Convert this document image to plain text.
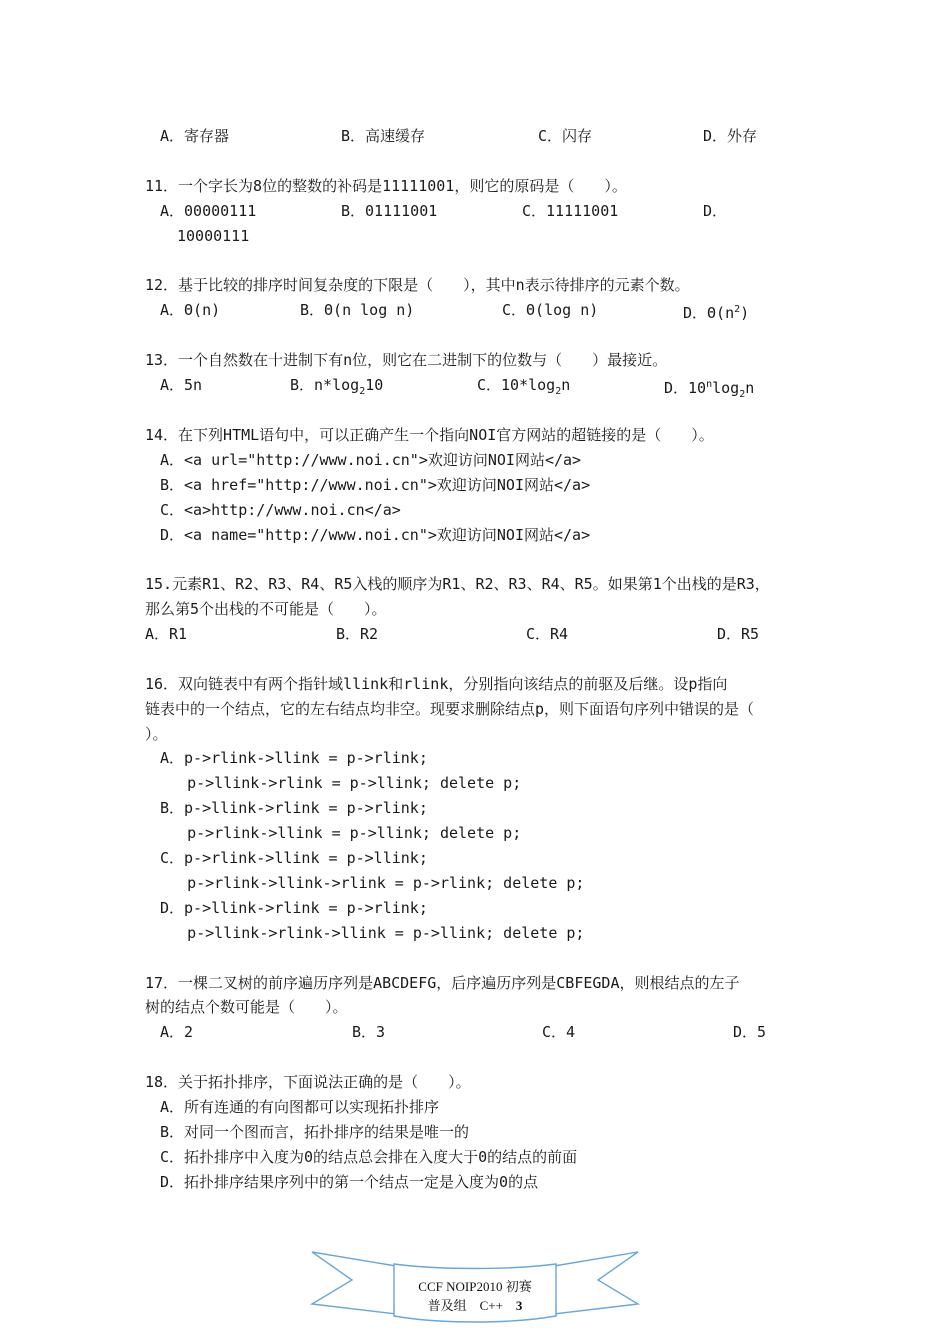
A．寄存器	B．高速缓存	C．闪存	D．外存
11．一个字长为8位的整数的补码是11111001，则它的原码是（　　）。
A．00000111	B．01111001	C．11111001	D．
10000111
12．基于比较的排序时间复杂度的下限是（　　），其中n表示待排序的元素个数。
A．Θ(n)	B．Θ(n log n)	C．Θ(log n)	D．$\Theta(n^2)$
13．一个自然数在十进制下有n位，则它在二进制下的位数与（　　）最接近。
A．5n	B．$n*\log_210$	C．$10*\log_2n$	D．$10^n\log_2n$
14．在下列HTML语句中，可以正确产生一个指向NOI官方网站的超链接的是（　　）。
A．<a url="http://www.noi.cn">欢迎访问NOI网站</a>
B．<a href="http://www.noi.cn">欢迎访问NOI网站</a>
C．<a>http://www.noi.cn</a>
D．<a name="http://www.noi.cn">欢迎访问NOI网站</a>
15.元素R1、R2、R3、R4、R5入栈的顺序为R1、R2、R3、R4、R5。如果第1个出栈的是R3，
那么第5个出栈的不可能是（　　）。
A．R1	B．R2	C．R4	D．R5
16．双向链表中有两个指针域llink和rlink，分别指向该结点的前驱及后继。设p指向
链表中的一个结点，它的左右结点均非空。现要求删除结点p，则下面语句序列中错误的是（
）。
A．p->rlink->llink = p->rlink;
p->llink->rlink = p->llink; delete p;
B．p->llink->rlink = p->rlink;
p->rlink->llink = p->llink; delete p;
C．p->rlink->llink = p->llink;
p->rlink->llink->rlink = p->rlink; delete p;
D．p->llink->rlink = p->rlink;
p->llink->rlink->llink = p->llink; delete p;
17．一棵二叉树的前序遍历序列是ABCDEFG，后序遍历序列是CBFEGDA，则根结点的左子
树的结点个数可能是（　　）。
A．2	B．3	C．4	D．5
18．关于拓扑排序，下面说法正确的是（　　）。
A．所有连通的有向图都可以实现拓扑排序
B．对同一个图而言，拓扑排序的结果是唯一的
C．拓扑排序中入度为0的结点总会排在入度大于0的结点的前面
D．拓扑排序结果序列中的第一个结点一定是入度为0的点
CCF NOIP2010 初赛
普及组　C++　3
